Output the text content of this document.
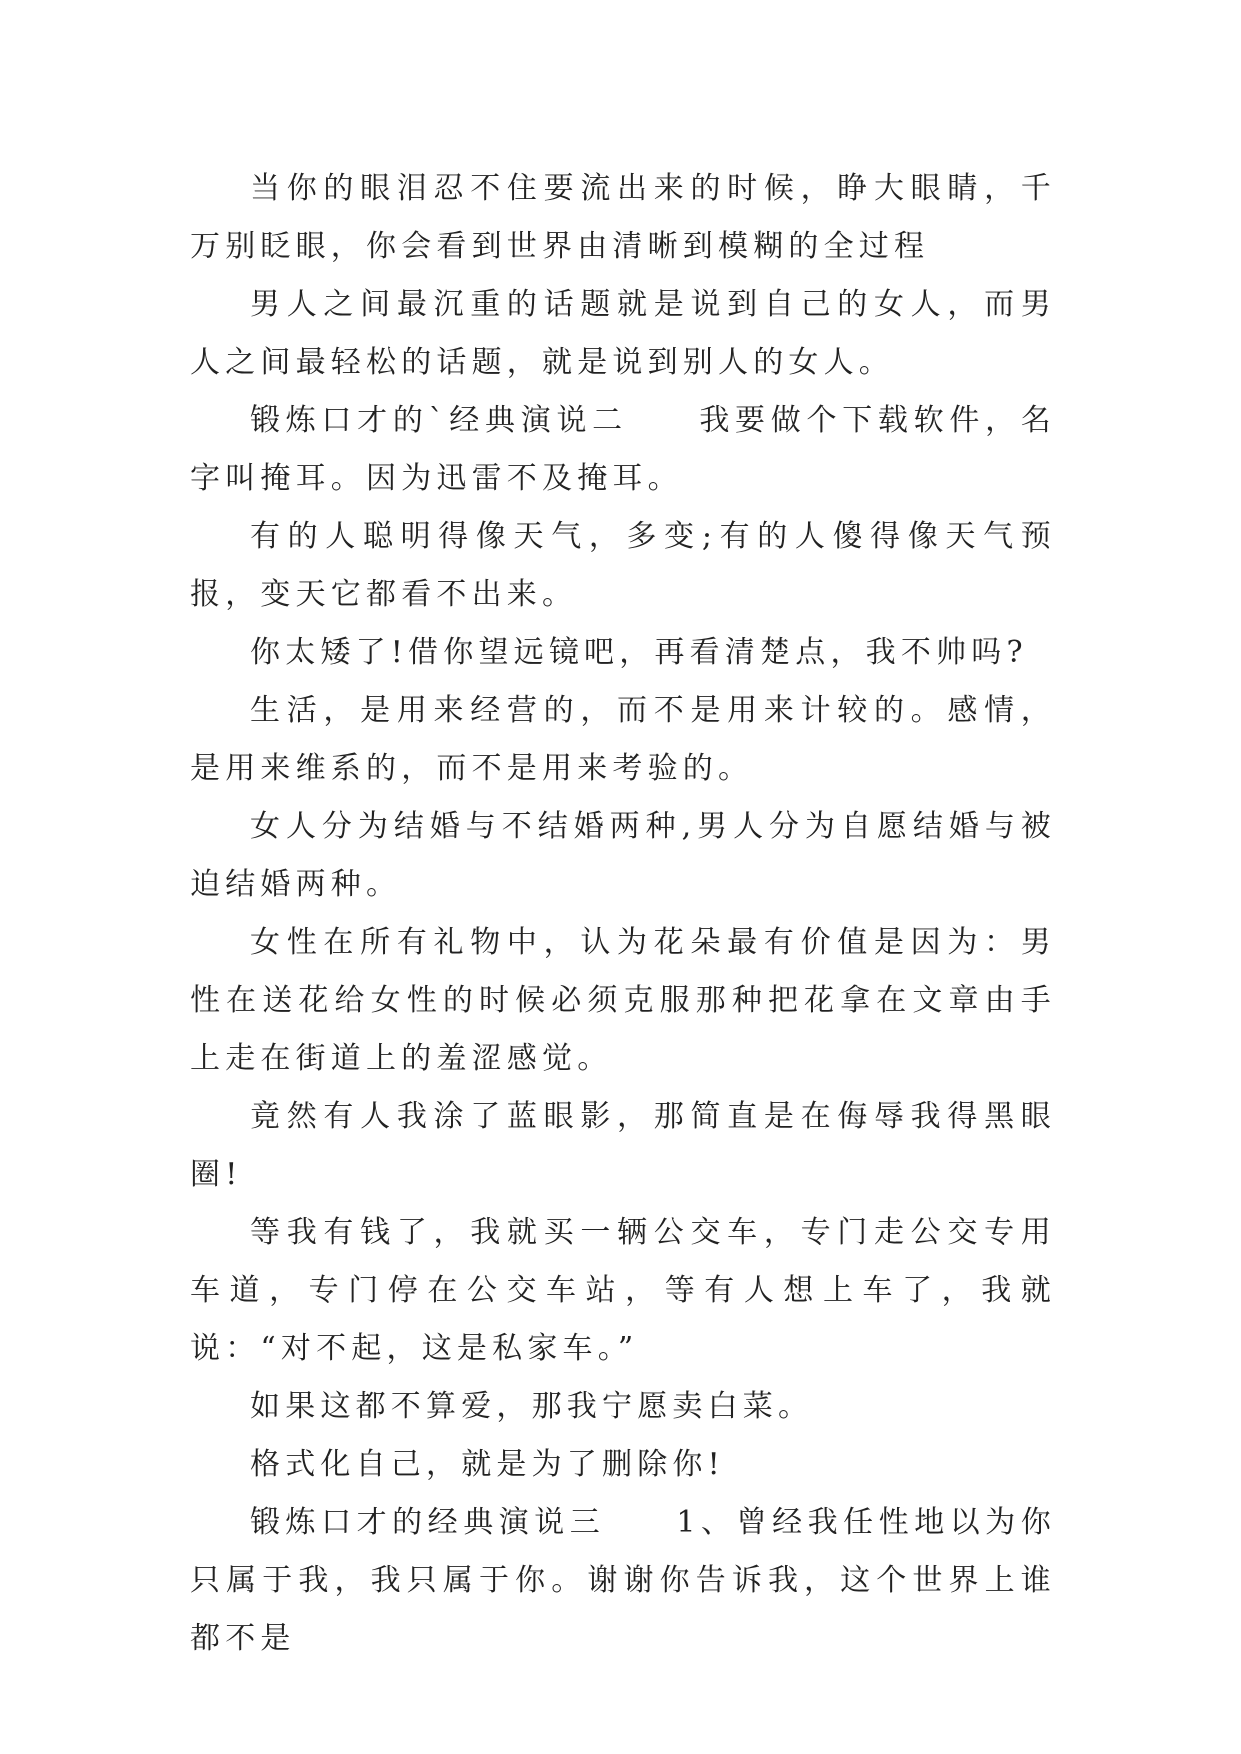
当你的眼泪忍不住要流出来的时候，睁大眼睛，千万别眨眼，你会看到世界由清晰到模糊的全过程

男人之间最沉重的话题就是说到自己的女人，而男人之间最轻松的话题，就是说到别人的女人。

锻炼口才的`经典演说二　　我要做个下载软件，名字叫掩耳。因为迅雷不及掩耳。

有的人聪明得像天气，多变;有的人傻得像天气预报，变天它都看不出来。

你太矮了!借你望远镜吧，再看清楚点，我不帅吗?

生活，是用来经营的，而不是用来计较的。感情，是用来维系的，而不是用来考验的。

女人分为结婚与不结婚两种,男人分为自愿结婚与被迫结婚两种。

女性在所有礼物中，认为花朵最有价值是因为：男性在送花给女性的时候必须克服那种把花拿在文章由手上走在街道上的羞涩感觉。

竟然有人我涂了蓝眼影，那简直是在侮辱我得黑眼圈!

等我有钱了，我就买一辆公交车，专门走公交专用车道，专门停在公交车站，等有人想上车了，我就说：“对不起，这是私家车。”

如果这都不算爱，那我宁愿卖白菜。

格式化自己，就是为了删除你!

锻炼口才的经典演说三　　1、曾经我任性地以为你只属于我，我只属于你。谢谢你告诉我，这个世界上谁都不是
